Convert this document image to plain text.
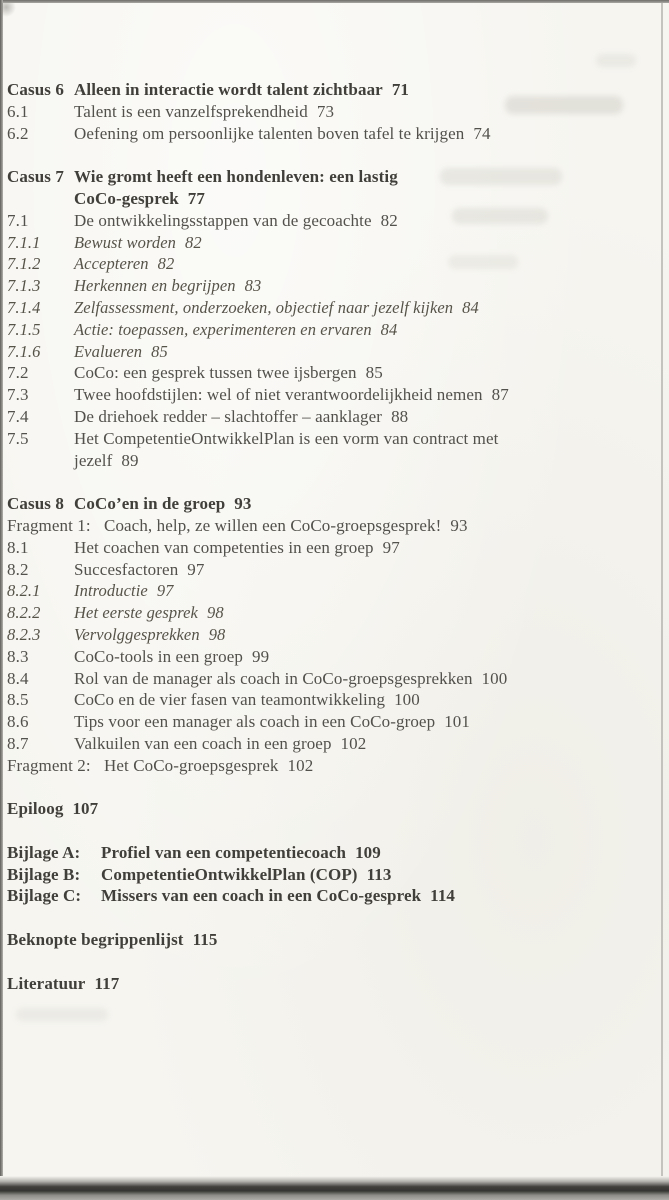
Casus 6 Alleen in interactie wordt talent zichtbaar 71
6.1	Talent is een vanzelfsprekendheid 73
6.2	Oefening om persoonlijke talenten boven tafel te krijgen 74
Casus 7 Wie gromt heeft een hondenleven: een lastig
CoCo-gesprek 77
7.1	De ontwikkelingsstappen van de gecoachte 82
7.1.1	Bewust worden 82
7.1.2	Accepteren 82
7.1.3	Herkennen en begrijpen 83
7.1.4	Zelfassessment, onderzoeken, objectief naar jezelf kijken 84
7.1.5	Actie: toepassen, experimenteren en ervaren 84
7.1.6	Evalueren 85
7.2	CoCo: een gesprek tussen twee ijsbergen 85
7.3	Twee hoofdstijlen: wel of niet verantwoordelijkheid nemen 87
7.4	De driehoek redder – slachtoffer – aanklager 88
7.5	Het CompetentieOntwikkelPlan is een vorm van contract met
jezelf 89
Casus 8 CoCo’en in de groep 93
Fragment 1: Coach, help, ze willen een CoCo-groepsgesprek! 93
8.1	Het coachen van competenties in een groep 97
8.2	Succesfactoren 97
8.2.1	Introductie 97
8.2.2	Het eerste gesprek 98
8.2.3	Vervolggesprekken 98
8.3	CoCo-tools in een groep 99
8.4	Rol van de manager als coach in CoCo-groepsgesprekken 100
8.5	CoCo en de vier fasen van teamontwikkeling 100
8.6	Tips voor een manager als coach in een CoCo-groep 101
8.7	Valkuilen van een coach in een groep 102
Fragment 2: Het CoCo-groepsgesprek 102
Epiloog 107
Bijlage A:	Profiel van een competentiecoach 109
Bijlage B:	CompetentieOntwikkelPlan (COP) 113
Bijlage C:	Missers van een coach in een CoCo-gesprek 114
Beknopte begrippenlijst 115
Literatuur 117
